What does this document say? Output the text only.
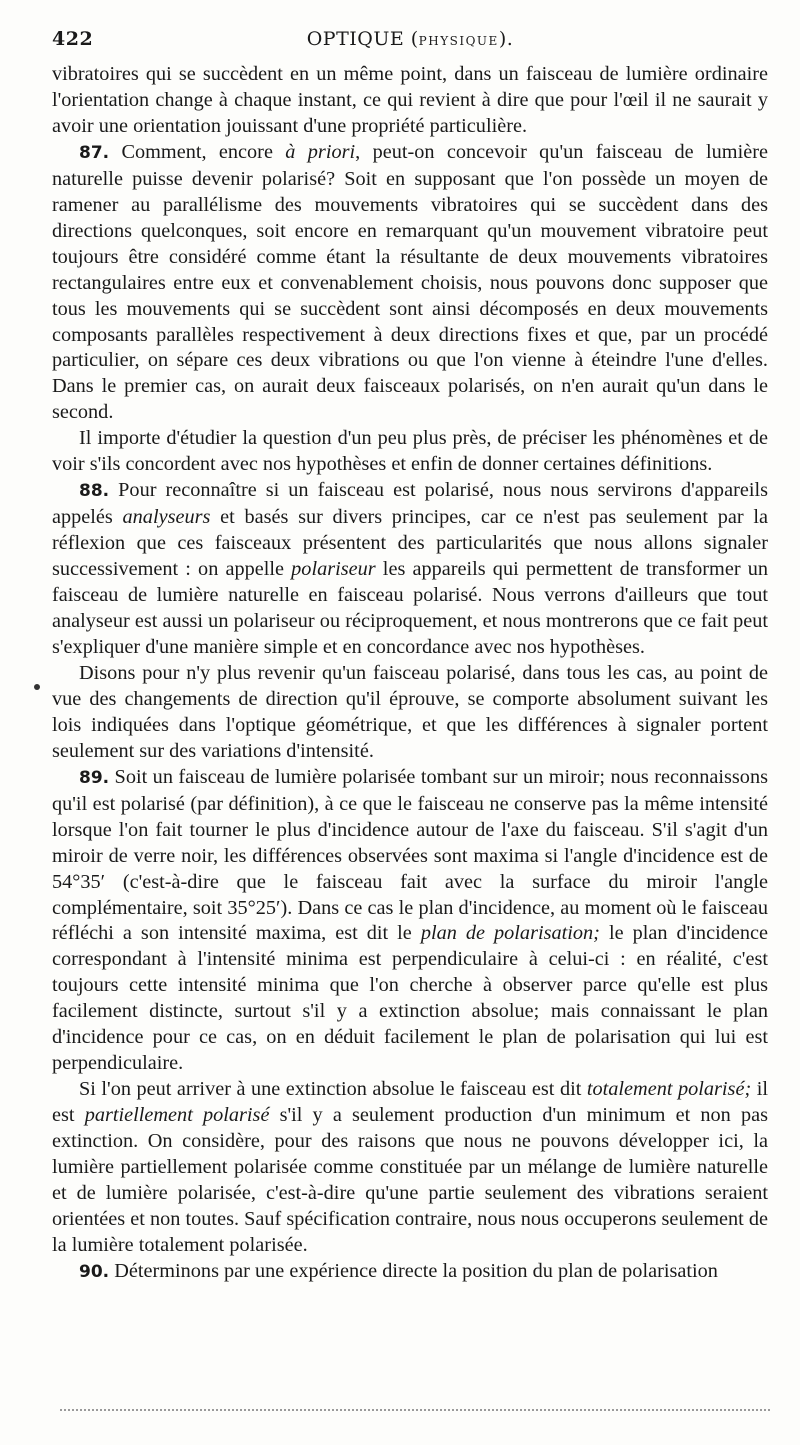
422	OPTIQUE (PHYSIQUE).

vibratoires qui se succèdent en un même point, dans un faisceau de lumière ordinaire l'orientation change à chaque instant, ce qui revient à dire que pour l'œil il ne saurait y avoir une orientation jouissant d'une propriété particulière.

87. Comment, encore à priori, peut-on concevoir qu'un faisceau de lumière naturelle puisse devenir polarisé? Soit en supposant que l'on possède un moyen de ramener au parallélisme des mouvements vibratoires qui se succèdent dans des directions quelconques, soit encore en remarquant qu'un mouvement vibratoire peut toujours être considéré comme étant la résultante de deux mouvements vibratoires rectangulaires entre eux et convenablement choisis, nous pouvons donc supposer que tous les mouvements qui se succèdent sont ainsi décomposés en deux mouvements composants parallèles respectivement à deux directions fixes et que, par un procédé particulier, on sépare ces deux vibrations ou que l'on vienne à éteindre l'une d'elles. Dans le premier cas, on aurait deux faisceaux polarisés, on n'en aurait qu'un dans le second.

Il importe d'étudier la question d'un peu plus près, de préciser les phénomènes et de voir s'ils concordent avec nos hypothèses et enfin de donner certaines définitions.

88. Pour reconnaître si un faisceau est polarisé, nous nous servirons d'appareils appelés analyseurs et basés sur divers principes, car ce n'est pas seulement par la réflexion que ces faisceaux présentent des particularités que nous allons signaler successivement : on appelle polariseur les appareils qui permettent de transformer un faisceau de lumière naturelle en faisceau polarisé. Nous verrons d'ailleurs que tout analyseur est aussi un polariseur ou réciproquement, et nous montrerons que ce fait peut s'expliquer d'une manière simple et en concordance avec nos hypothèses.

Disons pour n'y plus revenir qu'un faisceau polarisé, dans tous les cas, au point de vue des changements de direction qu'il éprouve, se comporte absolument suivant les lois indiquées dans l'optique géométrique, et que les différences à signaler portent seulement sur des variations d'intensité.

89. Soit un faisceau de lumière polarisée tombant sur un miroir; nous reconnaissons qu'il est polarisé (par définition), à ce que le faisceau ne conserve pas la même intensité lorsque l'on fait tourner le plus d'incidence autour de l'axe du faisceau. S'il s'agit d'un miroir de verre noir, les différences observées sont maxima si l'angle d'incidence est de 54°35′ (c'est-à-dire que le faisceau fait avec la surface du miroir l'angle complémentaire, soit 35°25′). Dans ce cas le plan d'incidence, au moment où le faisceau réfléchi a son intensité maxima, est dit le plan de polarisation; le plan d'incidence correspondant à l'intensité minima est perpendiculaire à celui-ci : en réalité, c'est toujours cette intensité minima que l'on cherche à observer parce qu'elle est plus facilement distincte, surtout s'il y a extinction absolue; mais connaissant le plan d'incidence pour ce cas, on en déduit facilement le plan de polarisation qui lui est perpendiculaire.

Si l'on peut arriver à une extinction absolue le faisceau est dit totalement polarisé; il est partiellement polarisé s'il y a seulement production d'un minimum et non pas extinction. On considère, pour des raisons que nous ne pouvons développer ici, la lumière partiellement polarisée comme constituée par un mélange de lumière naturelle et de lumière polarisée, c'est-à-dire qu'une partie seulement des vibrations seraient orientées et non toutes. Sauf spécification contraire, nous nous occuperons seulement de la lumière totalement polarisée.

90. Déterminons par une expérience directe la position du plan de polarisation
